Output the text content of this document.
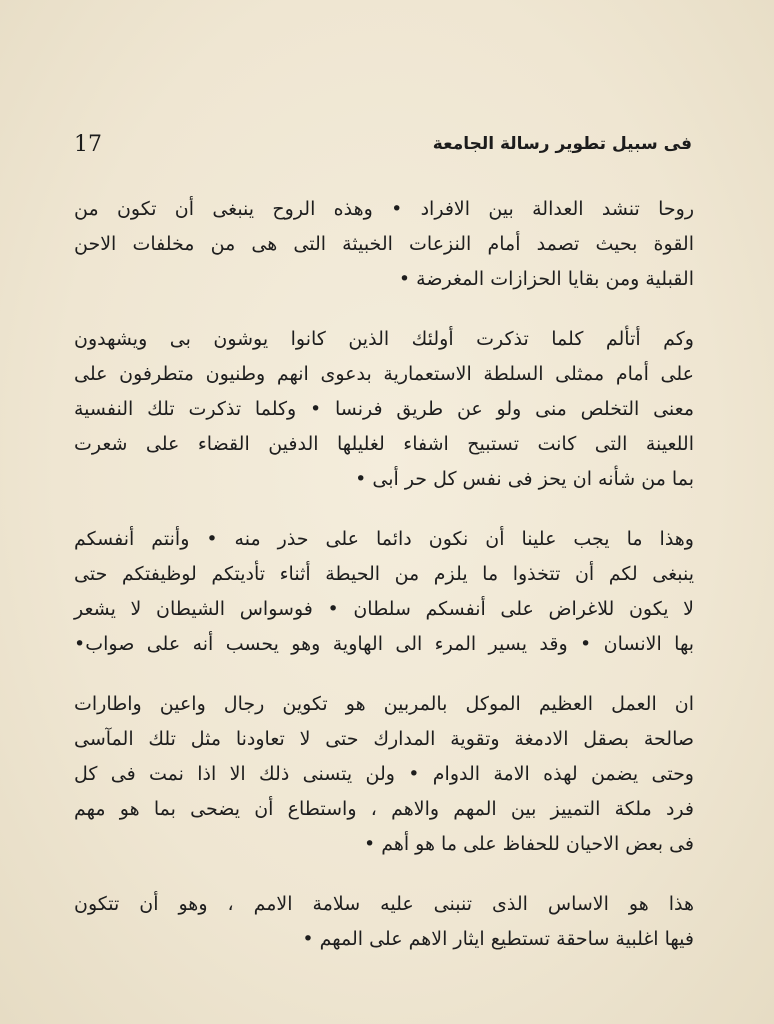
17	فى سبيل تطوير رسالة الجامعة
روحا تنشد العدالة بين الافراد • وهذه الروح ينبغى أن تكون من
القوة بحيث تصمد أمام النزعات الخبيثة التى هى من مخلفات الاحن
القبلية ومن بقايا الحزازات المغرضة •
وكم أتألم كلما تذكرت أولئك الذين كانوا يوشون بى ويشهدون
على أمام ممثلى السلطة الاستعمارية بدعوى انهم وطنيون متطرفون على
معنى التخلص منى ولو عن طريق فرنسا • وكلما تذكرت تلك النفسية
اللعينة التى كانت تستبيح اشفاء لغليلها الدفين القضاء على شعرت
بما من شأنه ان يحز فى نفس كل حر أبى •
وهذا ما يجب علينا أن نكون دائما على حذر منه • وأنتم أنفسكم
ينبغى لكم أن تتخذوا ما يلزم من الحيطة أثناء تأديتكم لوظيفتكم حتى
لا يكون للاغراض على أنفسكم سلطان • فوسواس الشيطان لا يشعر
بها الانسان • وقد يسير المرء الى الهاوية وهو يحسب أنه على صواب•
ان العمل العظيم الموكل بالمربين هو تكوين رجال واعين واطارات
صالحة بصقل الادمغة وتقوية المدارك حتى لا تعاودنا مثل تلك المآسى
وحتى يضمن لهذه الامة الدوام • ولن يتسنى ذلك الا اذا نمت فى كل
فرد ملكة التمييز بين المهم والاهم ، واستطاع أن يضحى بما هو مهم
فى بعض الاحيان للحفاظ على ما هو أهم •
هذا هو الاساس الذى تنبنى عليه سلامة الامم ، وهو أن تتكون
فيها اغلبية ساحقة تستطيع ايثار الاهم على المهم •
